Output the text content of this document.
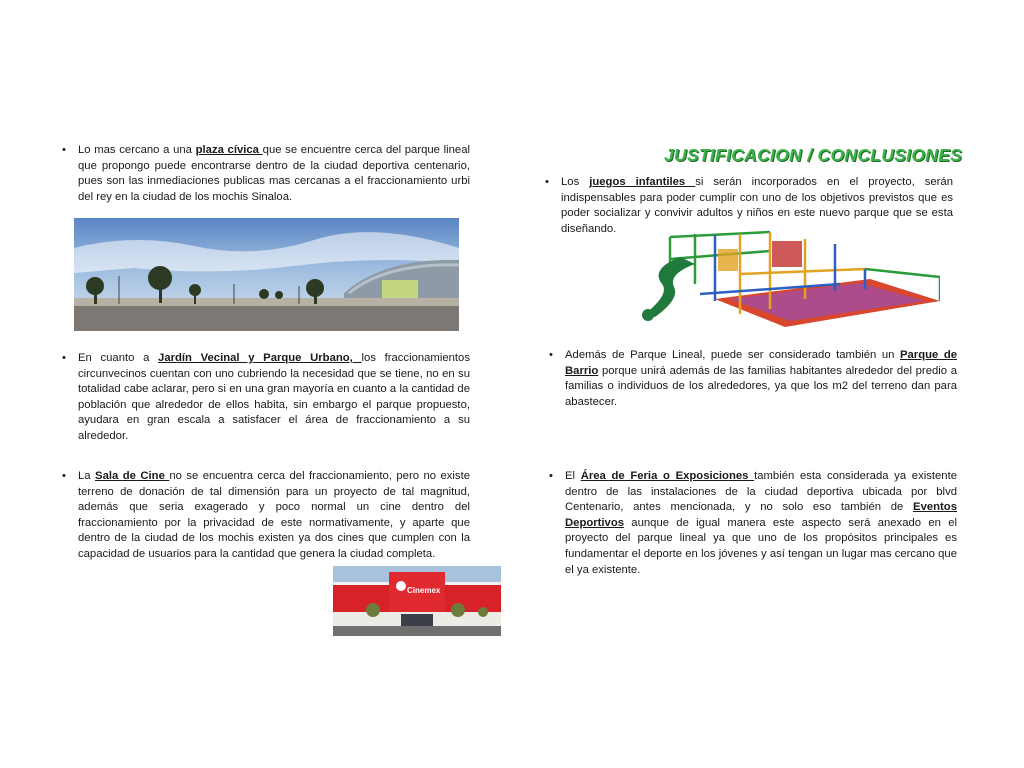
• Lo mas cercano a una plaza cívica que se encuentre cerca del parque lineal que propongo puede encontrarse dentro de la ciudad deportiva centenario, pues son las inmediaciones publicas mas cercanas a el fraccionamiento urbi del rey en la ciudad de los mochis Sinaloa.
• En cuanto a Jardín Vecinal y Parque Urbano, los fraccionamientos circunvecinos cuentan con uno cubriendo la necesidad que se tiene, no en su totalidad cabe aclarar, pero si en una gran mayoría en cuanto a la cantidad de población que alrededor de ellos habita, sin embargo el parque propuesto, ayudara en gran escala a satisfacer el área de fraccionamiento a su alrededor.
• La Sala de Cine no se encuentra cerca del fraccionamiento, pero no existe terreno de donación de tal dimensión para un proyecto de tal magnitud, además que seria exagerado y poco normal un cine dentro del fraccionamiento por la privacidad de este normativamente, y aparte que dentro de la ciudad de los mochis existen ya dos cines que cumplen con la capacidad de usuarios para la cantidad que genera la ciudad completa.
Cinemex
JUSTIFICACION / CONCLUSIONES
• Los juegos infantiles si serán incorporados en el proyecto, serán indispensables para poder cumplir con uno de los objetivos previstos que es poder socializar y convivir adultos y niños en este nuevo parque que se esta diseñando.
• Además de Parque Lineal, puede ser considerado también un Parque de Barrio porque unirá además de las familias habitantes alrededor del predio a familias o individuos de los alrededores, ya que los m2 del terreno dan para abastecer.
• El Área de Feria o Exposiciones también esta considerada ya existente dentro de las instalaciones de la ciudad deportiva ubicada por blvd Centenario, antes mencionada, y no solo eso también de Eventos Deportivos aunque de igual manera este aspecto será anexado en el proyecto del parque lineal ya que uno de los propósitos principales es fundamentar el deporte en los jóvenes y así tengan un lugar mas cercano que el ya existente.
